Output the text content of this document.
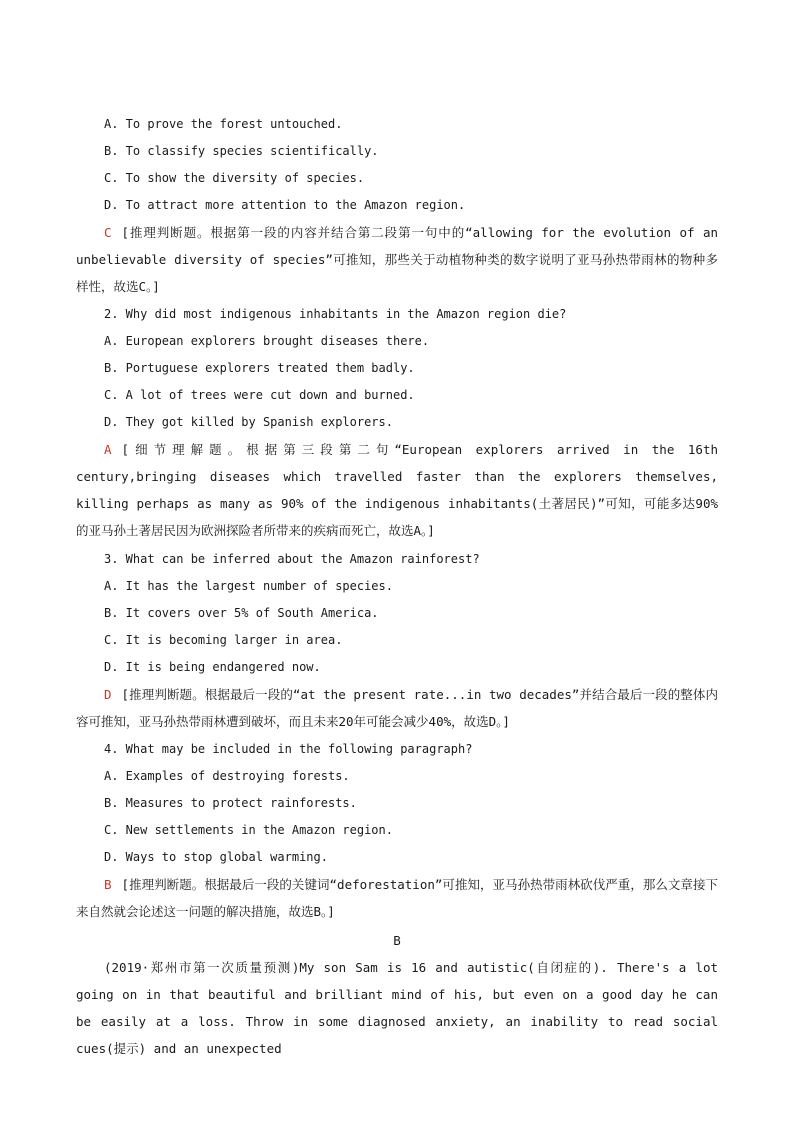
A. To prove the forest untouched.
B. To classify species scientifically.
C. To show the diversity of species.
D. To attract more attention to the Amazon region.
C [推理判断题。根据第一段的内容并结合第二段第一句中的“allowing for the evolution of an unbelievable diversity of species”可推知，那些关于动植物种类的数字说明了亚马孙热带雨林的物种多样性，故选C。]
2. Why did most indigenous inhabitants in the Amazon region die?
A. European explorers brought diseases there.
B. Portuguese explorers treated them badly.
C. A lot of trees were cut down and burned.
D. They got killed by Spanish explorers.
A [细节理解题。根据第三段第二句“European explorers arrived in the 16th century,bringing diseases which travelled faster than the explorers themselves, killing perhaps as many as 90% of the indigenous inhabitants(土著居民)”可知，可能多达90%的亚马孙土著居民因为欧洲探险者所带来的疾病而死亡，故选A。]
3. What can be inferred about the Amazon rainforest?
A. It has the largest number of species.
B. It covers over 5% of South America.
C. It is becoming larger in area.
D. It is being endangered now.
D [推理判断题。根据最后一段的“at the present rate...in two decades”并结合最后一段的整体内容可推知，亚马孙热带雨林遭到破坏，而且未来20年可能会减少40%，故选D。]
4. What may be included in the following paragraph?
A. Examples of destroying forests.
B. Measures to protect rainforests.
C. New settlements in the Amazon region.
D. Ways to stop global warming.
B [推理判断题。根据最后一段的关键词“deforestation”可推知，亚马孙热带雨林砍伐严重，那么文章接下来自然就会论述这一问题的解决措施，故选B。]
B
(2019·郑州市第一次质量预测)My son Sam is 16 and autistic(自闭症的). There's a lot going on in that beautiful and brilliant mind of his, but even on a good day he can be easily at a loss. Throw in some diagnosed anxiety, an inability to read social cues(提示) and an unexpected
